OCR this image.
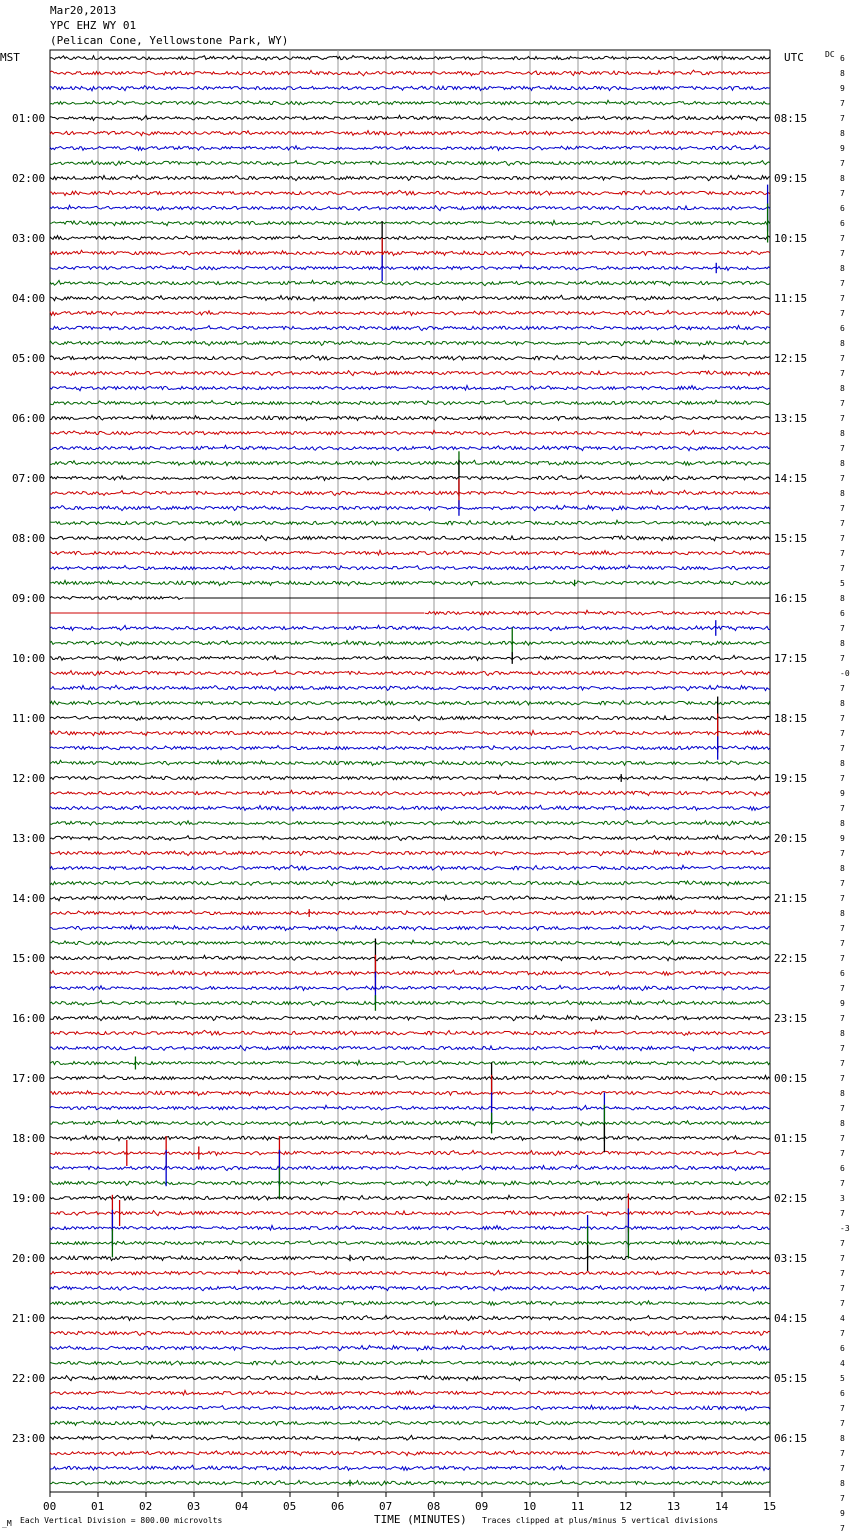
Mar20,2013
YPC EHZ WY 01
(Pelican Cone, Yellowstone Park, WY)
MST	UTC	DC
TIME (MINUTES)
_M Each Vertical Division = 800.00 microvolts	Traces clipped at plus/minus 5 vertical divisions
00	01	02	03	04	05	06	07	08	09	10	11	12	13	14	15
01:00
02:00
03:00
04:00
05:00
06:00
07:00
08:00
09:00
10:00
11:00
12:00
13:00
14:00
15:00
16:00
17:00
18:00
19:00
20:00
21:00
22:00
23:00
08:15
09:15
10:15
11:15
12:15
13:15
14:15
15:15
16:15
17:15
18:15
19:15
20:15
21:15
22:15
23:15
00:15
01:15
02:15
03:15
04:15
05:15
06:15
6
8
9
7
7
8
9
7
8
7
6
6
7
7
8
7
7
7
6
8
7
7
8
7
7
8
7
8
7
8
7
7
7
7
7
5
8
6
7
8
7
-0
7
8
7
7
7
8
7
9
7
8
9
7
8
7
7
8
7
7
7
6
7
9
7
8
7
7
7
8
7
8
7
7
6
7
3
7
-3
7
7
7
7
7
4
7
6
4
5
6
7
7
8
7
7
8
7
9
7
